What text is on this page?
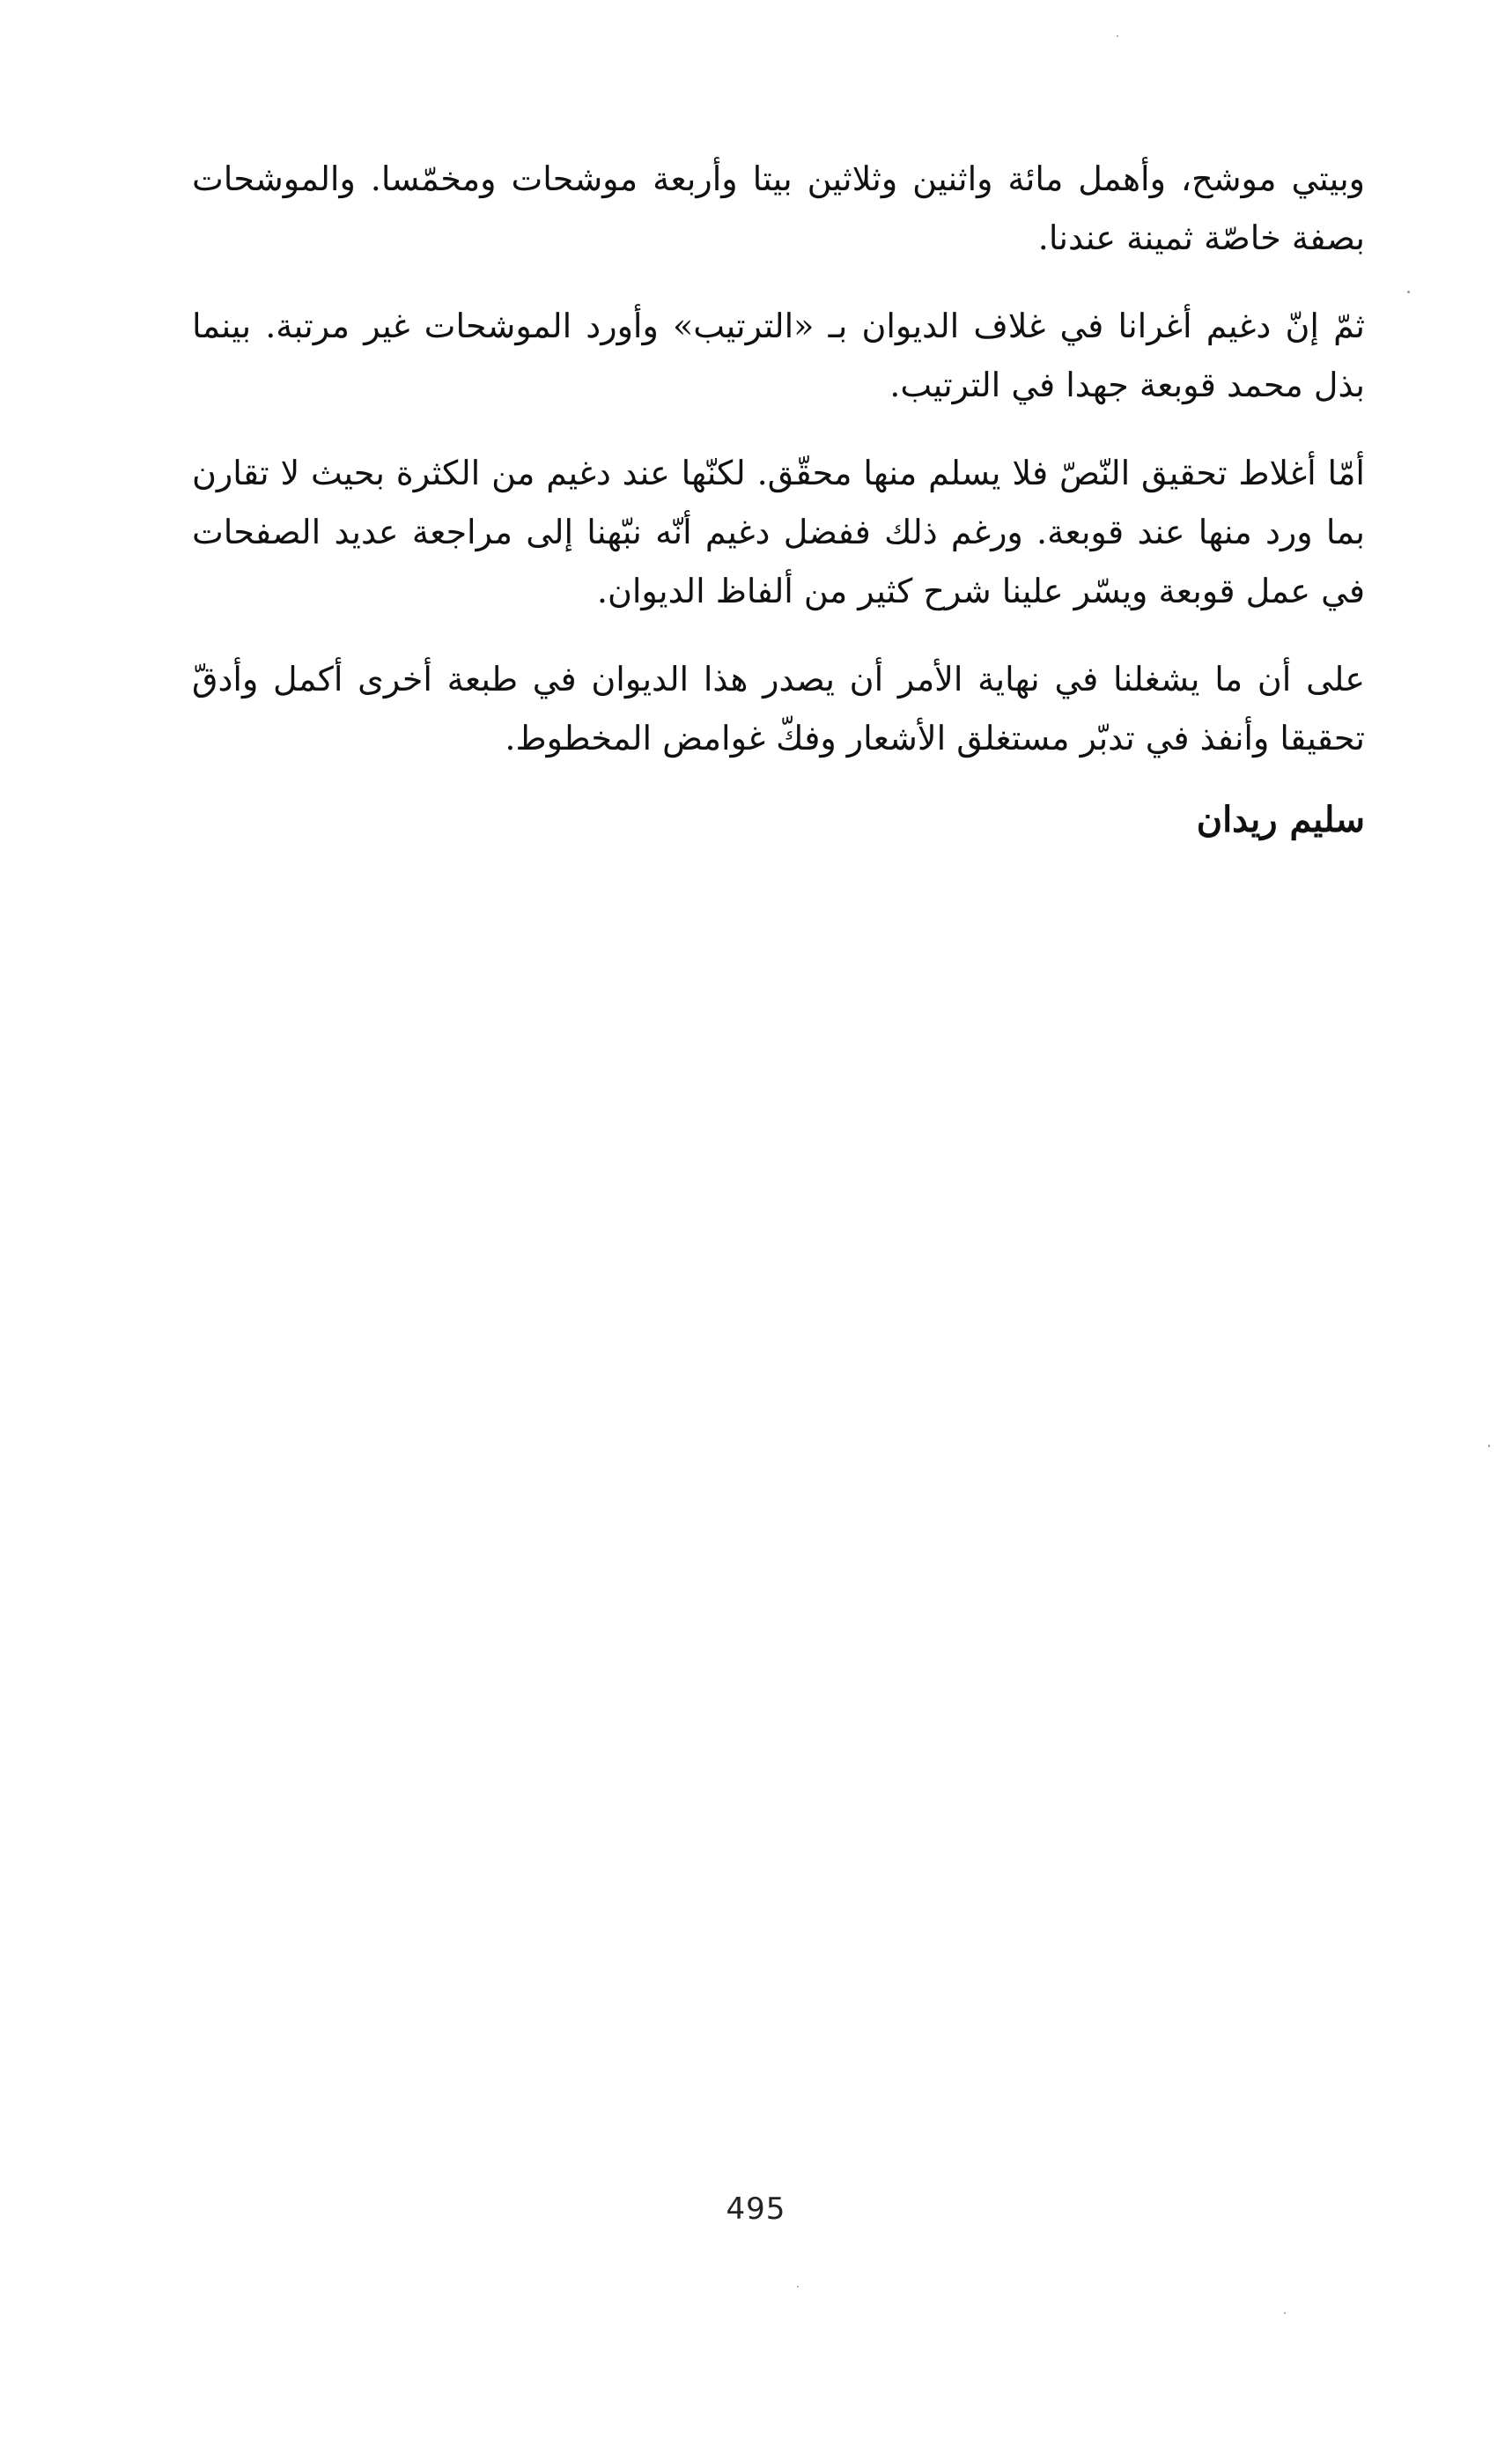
وبيتي موشح، وأهمل مائة واثنين وثلاثين بيتا وأربعة موشحات ومخمّسا. والموشحات بصفة خاصّة ثمينة عندنا.

ثمّ إنّ دغيم أغرانا في غلاف الديوان بـ «الترتيب» وأورد الموشحات غير مرتبة. بينما بذل محمد قوبعة جهدا في الترتيب.

أمّا أغلاط تحقيق النّصّ فلا يسلم منها محقّق. لكنّها عند دغيم من الكثرة بحيث لا تقارن بما ورد منها عند قوبعة. ورغم ذلك ففضل دغيم أنّه نبّهنا إلى مراجعة عديد الصفحات في عمل قوبعة ويسّر علينا شرح كثير من ألفاظ الديوان.

على أن ما يشغلنا في نهاية الأمر أن يصدر هذا الديوان في طبعة أخرى أكمل وأدقّ تحقيقا وأنفذ في تدبّر مستغلق الأشعار وفكّ غوامض المخطوط.

سليم ريدان
495
